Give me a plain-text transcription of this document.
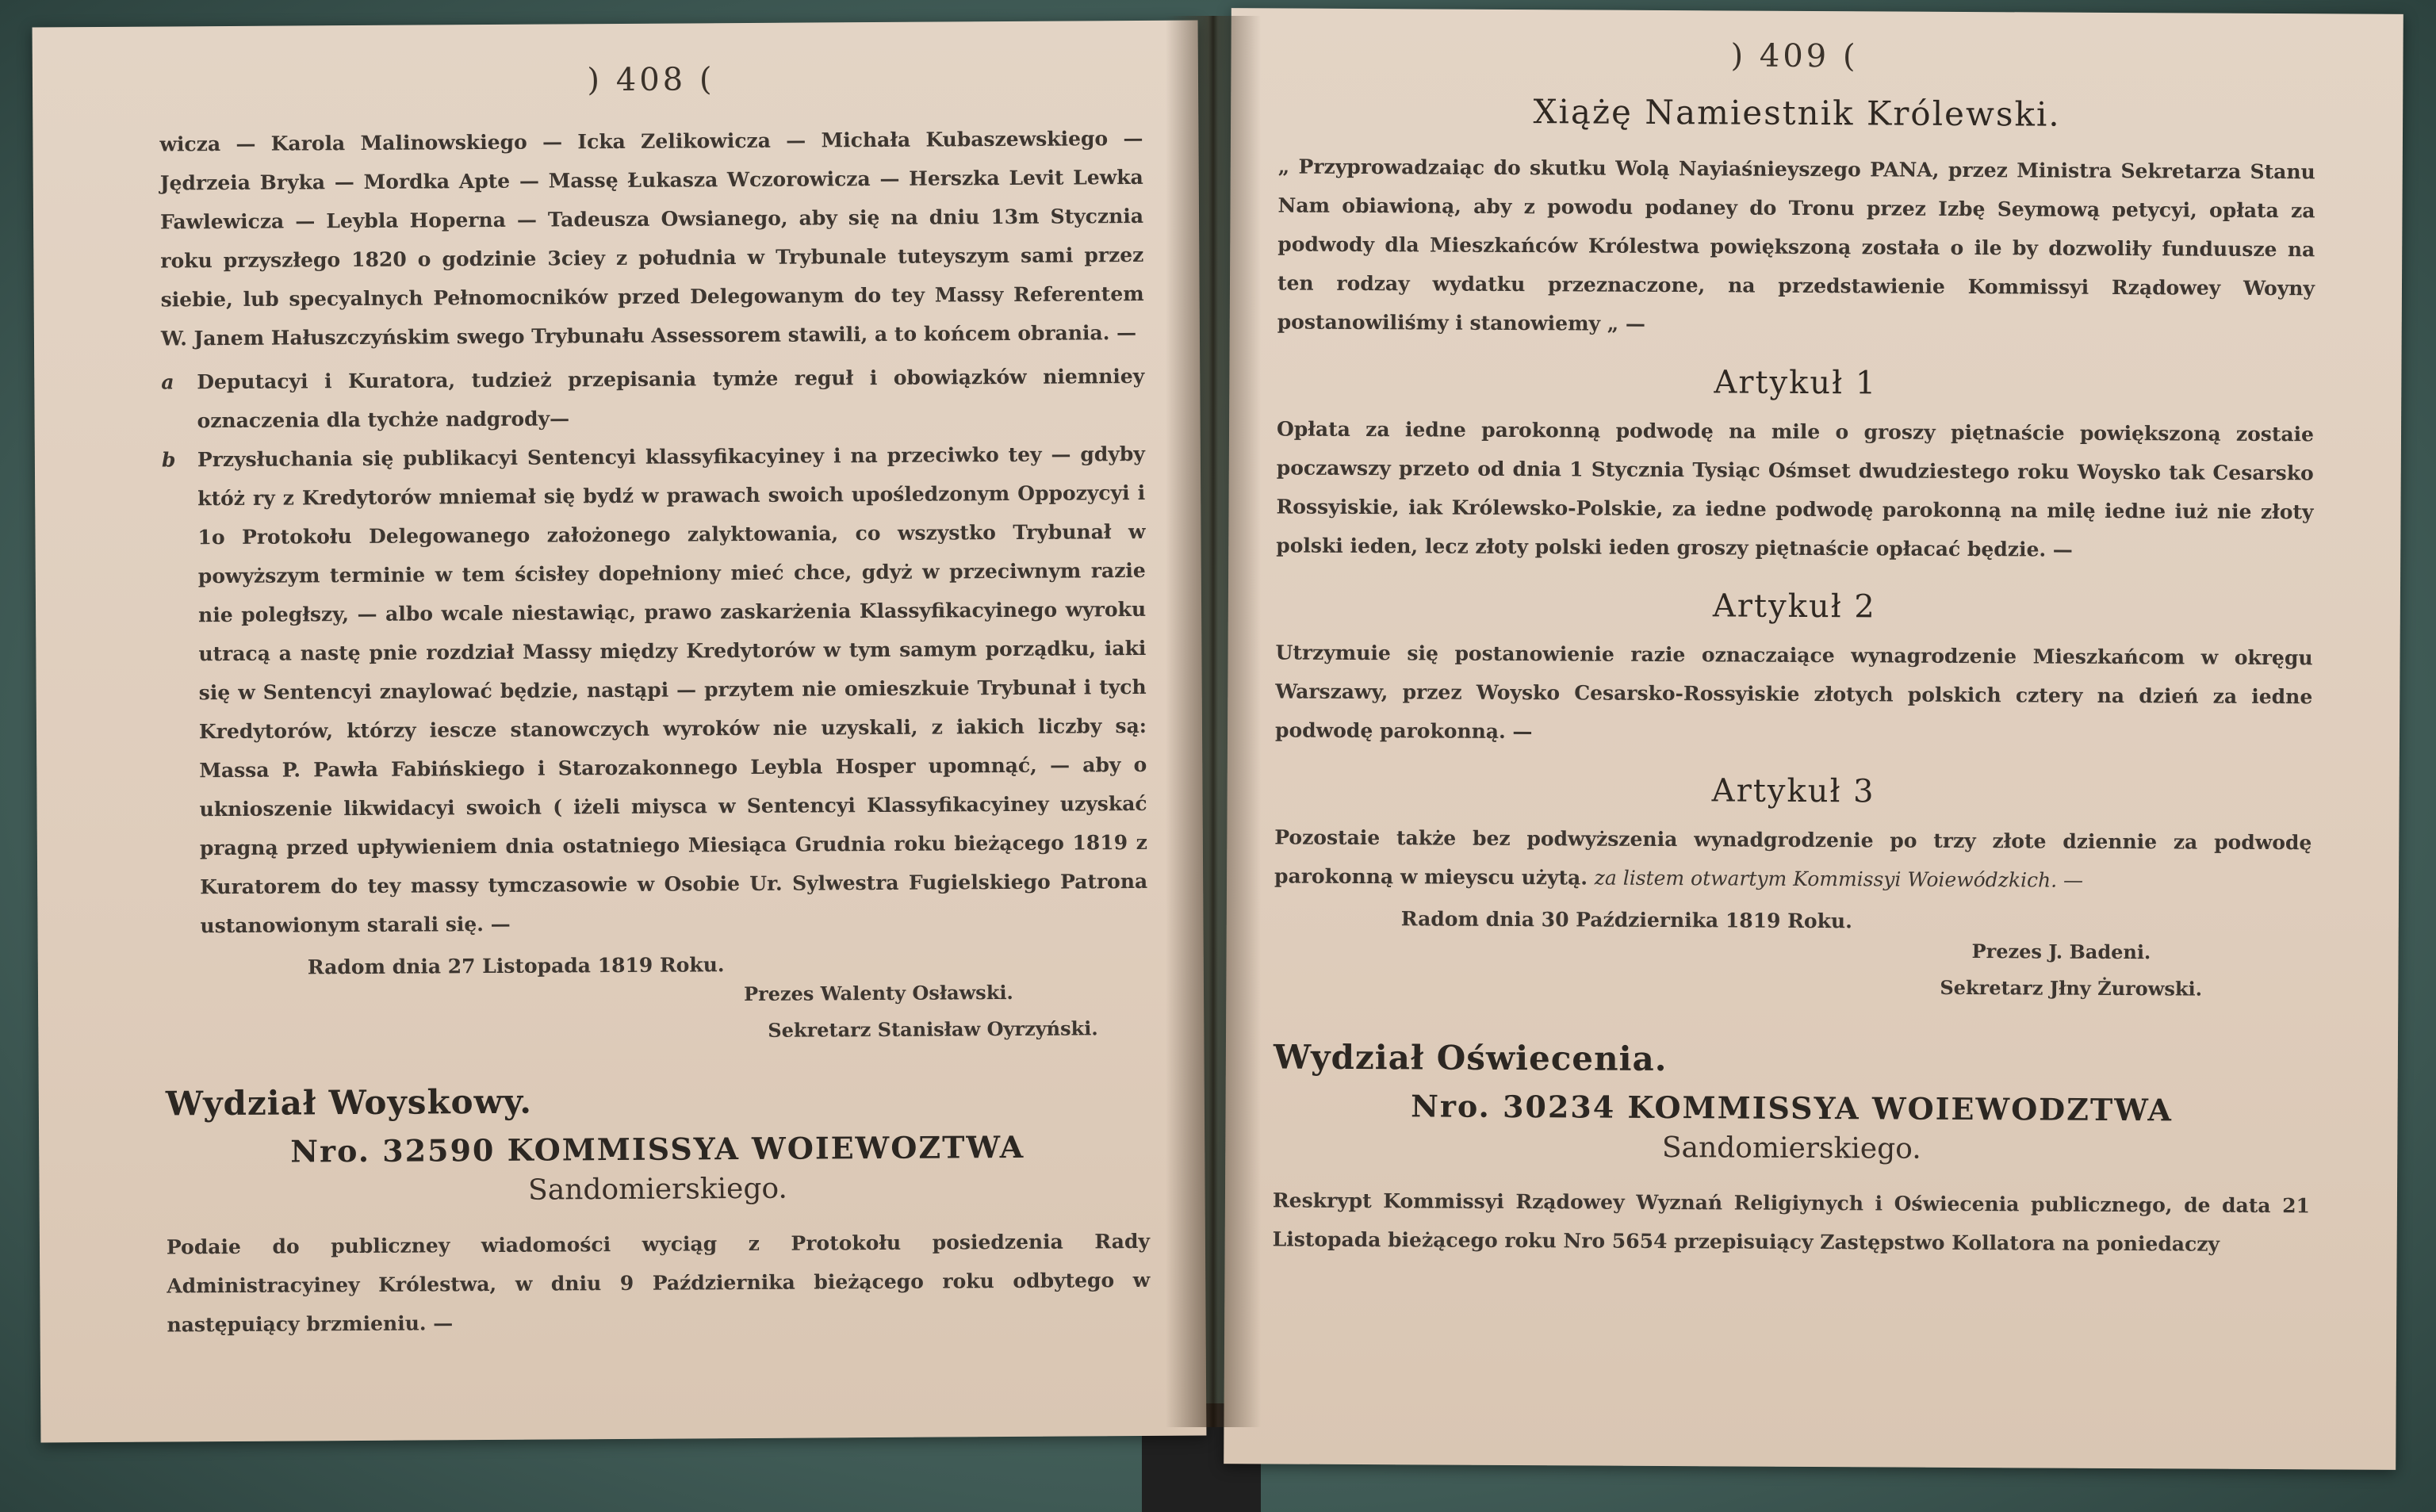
) 408 (

wicza — Karola Malinowskiego — Icka Zelikowicza — Michała Kubaszewskiego — Jędrzeia Bryka — Mordka Apte — Massę Łukasza Wczorowicza — Herszka Levit Lewka Fawlewicza — Leybla Hoperna — Tadeusza Owsianego, aby się na dniu 13m Stycznia roku przyszłego 1820 o godzinie 3ciey z południa w Trybunale tuteyszym sami przez siebie, lub specyalnych Pełnomocników przed Delegowanym do tey Massy Referentem W. Janem Hałuszczyńskim swego Trybunału Assessorem stawili, a to końcem obrania. —

a	Deputacyi i Kuratora, tudzież przepisania tymże reguł i obowiązków niemniey oznaczenia dla tychże nadgrody—
b	Przysłuchania się publikacyi Sentencyi klassyfikacyiney i na przeciwko tey — gdyby któż ry z Kredytorów mniemał się bydź w prawach swoich upośledzonym Oppozycyi i 1o Protokołu Delegowanego założonego zalyktowania, co wszystko Trybunał w powyższym terminie w tem ścisłey dopełniony mieć chce, gdyż w przeciwnym razie nie poległszy, — albo wcale niestawiąc, prawo zaskarżenia Klassyfikacyinego wyroku utracą a nastę pnie rozdział Massy między Kredytorów w tym samym porządku, iaki się w Sentencyi znaylować będzie, nastąpi — przytem nie omieszkuie Trybunał i tych Kredytorów, którzy iescze stanowczych wyroków nie uzyskali, z iakich liczby są: Massa P. Pawła Fabińskiego i Starozakonnego Leybla Hosper upomnąć, — aby o uknioszenie likwidacyi swoich ( iżeli miysca w Sentencyi Klassyfikacyiney uzyskać pragną przed upływieniem dnia ostatniego Miesiąca Grudnia roku bieżącego 1819 z Kuratorem do tey massy tymczasowie w Osobie Ur. Sylwestra Fugielskiego Patrona ustanowionym starali się. —
Radom dnia 27 Listopada 1819 Roku.
Prezes Walenty Osławski.
Sekretarz Stanisław Oyrzyński.
Wydział Woyskowy.
Nro. 32590 KOMMISSYA WOIEWOZTWA
Sandomierskiego.

Podaie do publiczney wiadomości wyciąg z Protokołu posiedzenia Rady Administracyiney Królestwa, w dniu 9 Października bieżącego roku odbytego w następuiący brzmieniu. —

) 409 (
Xiążę Namiestnik Królewski.

„ Przyprowadzaiąc do skutku Wolą Nayiaśnieyszego PANA, przez Ministra Sekretarza Stanu Nam obiawioną, aby z powodu podaney do Tronu przez Izbę Seymową petycyi, opłata za podwody dla Mieszkańców Królestwa powiększoną została o ile by dozwoliły funduusze na ten rodzay wydatku przeznaczone, na przedstawienie Kommissyi Rządowey Woyny postanowiliśmy i stanowiemy „ —

Artykuł 1

Opłata za iedne parokonną podwodę na mile o groszy piętnaście powiększoną zostaie poczawszy przeto od dnia 1 Stycznia Tysiąc Ośmset dwudziestego roku Woysko tak Cesarsko Rossyiskie, iak Królewsko-Polskie, za iedne podwodę parokonną na milę iedne iuż nie złoty polski ieden, lecz złoty polski ieden groszy piętnaście opłacać będzie. —

Artykuł 2

Utrzymuie się postanowienie razie oznaczaiące wynagrodzenie Mieszkańcom w okręgu Warszawy, przez Woysko Cesarsko-Rossyiskie złotych polskich cztery na dzień za iedne podwodę parokonną. —

Artykuł 3

Pozostaie także bez podwyższenia wynadgrodzenie po trzy złote dziennie za podwodę parokonną w mieyscu użytą. za listem otwartym Kommissyi Woiewódzkich. —

Radom dnia 30 Października 1819 Roku.
Prezes J. Badeni.
Sekretarz Jłny Żurowski.
Wydział Oświecenia.
Nro. 30234 KOMMISSYA WOIEWODZTWA
Sandomierskiego.

Reskrypt Kommissyi Rządowey Wyznań Religiynych i Oświecenia publicznego, de data 21 Listopada bieżącego roku Nro 5654 przepisuiący Zastępstwo Kollatora na poniedaczy
